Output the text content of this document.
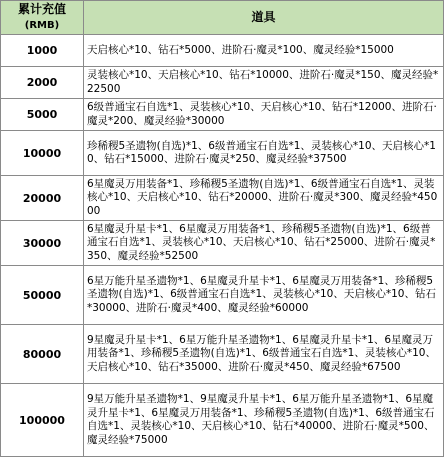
累计充值
(RMB)	道具
1000	天启核心*10、钻石*5000、进阶石·魔灵*100、魔灵经验*15000
2000	灵装核心*10、天启核心*10、钻石*10000、进阶石·魔灵*150、魔灵经验*22500
5000	6级普通宝石自选*1、灵装核心*10、天启核心*10、钻石*12000、进阶石·魔灵*200、魔灵经验*30000
10000	珍稀稷5圣遗物(自选)*1、6级普通宝石自选*1、灵装核心*10、天启核心*10、钻石*15000、进阶石·魔灵*250、魔灵经验*37500
20000	6星魔灵万用装备*1、珍稀稷5圣遗物(自选)*1、6级普通宝石自选*1、灵装核心*10、天启核心*10、钻石*20000、进阶石·魔灵*300、魔灵经验*45000
30000	6星魔灵升星卡*1、6星魔灵万用装备*1、珍稀稷5圣遗物(自选)*1、6级普通宝石自选*1、灵装核心*10、天启核心*10、钻石*25000、进阶石·魔灵*350、魔灵经验*52500
50000	6星万能升星圣遗物*1、6星魔灵升星卡*1、6星魔灵万用装备*1、珍稀稷5圣遗物(自选)*1、6级普通宝石自选*1、灵装核心*10、天启核心*10、钻石*30000、进阶石·魔灵*400、魔灵经验*60000
80000	9星魔灵升星卡*1、6星万能升星圣遗物*1、6星魔灵升星卡*1、6星魔灵万用装备*1、珍稀稷5圣遗物(自选)*1、6级普通宝石自选*1、灵装核心*10、天启核心*10、钻石*35000、进阶石·魔灵*450、魔灵经验*67500
100000	9星万能升星圣遗物*1、9星魔灵升星卡*1、6星万能升星圣遗物*1、6星魔灵升星卡*1、6星魔灵万用装备*1、珍稀稷5圣遗物(自选)*1、6级普通宝石自选*1、灵装核心*10、天启核心*10、钻石*40000、进阶石·魔灵*500、魔灵经验*75000
